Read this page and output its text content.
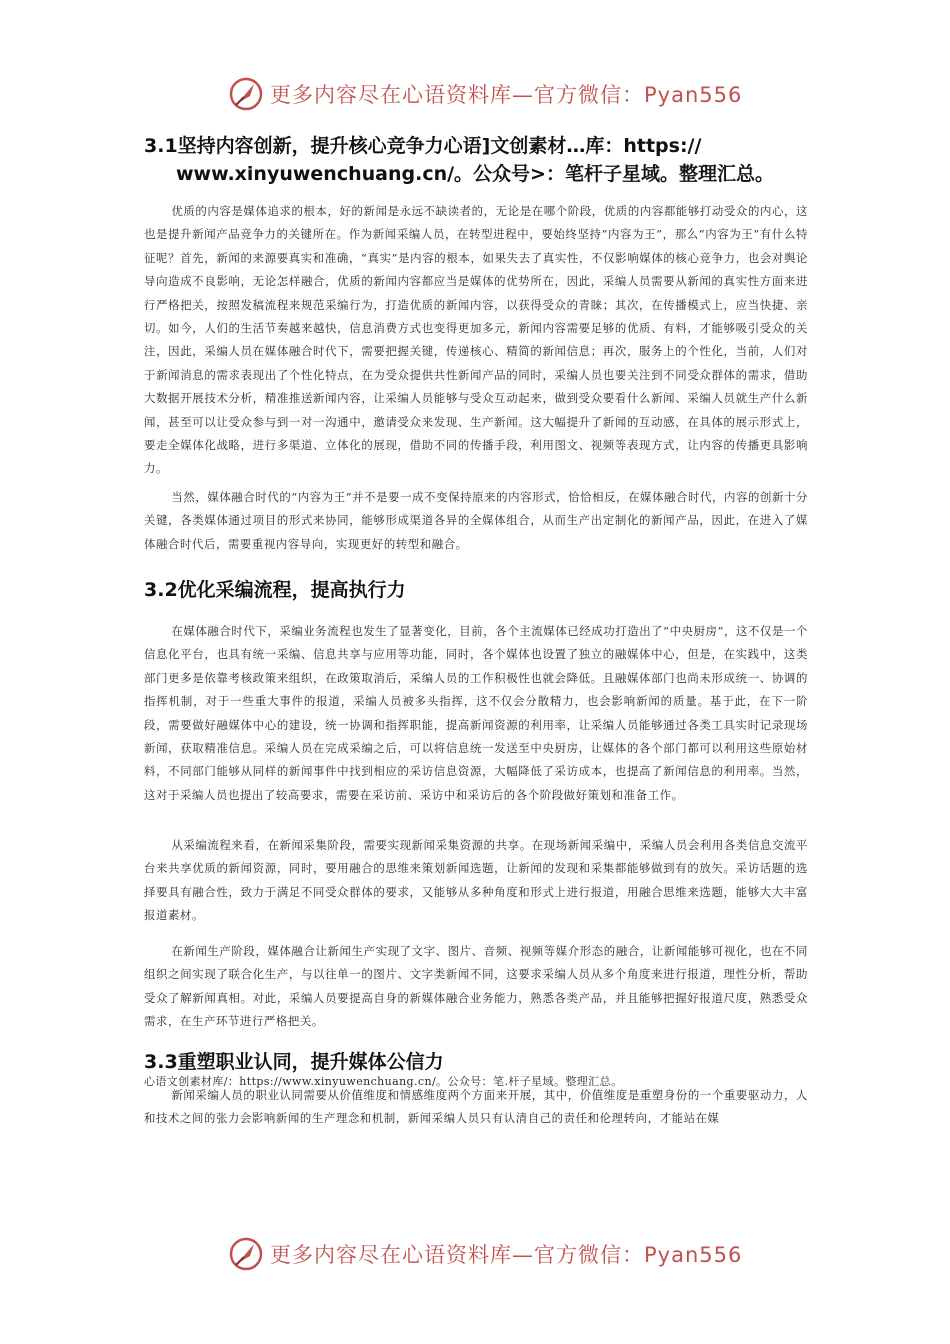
更多内容尽在心语资料库—官方微信：Pyan556
3.1坚持内容创新，提升核心竞争力心语]文创素材…库：https://
www.xinyuwenchuang.cn/。公众号>：笔杆子星域。整理汇总。

优质的内容是媒体追求的根本，好的新闻是永远不缺读者的，无论是在哪个阶段，优质的内容都能够打动受众的内心，这也是提升新闻产品竞争力的关键所在。作为新闻采编人员，在转型进程中，要始终坚持“内容为王”，那么“内容为王”有什么特征呢？首先，新闻的来源要真实和准确，“真实”是内容的根本，如果失去了真实性，不仅影响媒体的核心竞争力，也会对舆论导向造成不良影响，无论怎样融合，优质的新闻内容都应当是媒体的优势所在，因此，采编人员需要从新闻的真实性方面来进行严格把关，按照发稿流程来规范采编行为，打造优质的新闻内容，以获得受众的青睐；其次，在传播模式上，应当快捷、亲切。如今，人们的生活节奏越来越快，信息消费方式也变得更加多元，新闻内容需要足够的优质、有料，才能够吸引受众的关注，因此，采编人员在媒体融合时代下，需要把握关键，传递核心、精简的新闻信息；再次，服务上的个性化，当前，人们对于新闻消息的需求表现出了个性化特点，在为受众提供共性新闻产品的同时，采编人员也要关注到不同受众群体的需求，借助大数据开展技术分析，精准推送新闻内容，让采编人员能够与受众互动起来，做到受众要看什么新闻、采编人员就生产什么新闻，甚至可以让受众参与到一对一沟通中，邀请受众来发现、生产新闻。这大幅提升了新闻的互动感，在具体的展示形式上，要走全媒体化战略，进行多渠道、立体化的展现，借助不同的传播手段，利用图文、视频等表现方式，让内容的传播更具影响力。

当然，媒体融合时代的“内容为王”并不是要一成不变保持原来的内容形式，恰恰相反，在媒体融合时代，内容的创新十分关键，各类媒体通过项目的形式来协同，能够形成渠道各异的全媒体组合，从而生产出定制化的新闻产品，因此，在进入了媒体融合时代后，需要重视内容导向，实现更好的转型和融合。

3.2优化采编流程，提高执行力

在媒体融合时代下，采编业务流程也发生了显著变化，目前，各个主流媒体已经成功打造出了“中央厨房”，这不仅是一个信息化平台，也具有统一采编、信息共享与应用等功能，同时，各个媒体也设置了独立的融媒体中心，但是，在实践中，这类部门更多是依靠考核政策来组织，在政策取消后，采编人员的工作积极性也就会降低。且融媒体部门也尚未形成统一、协调的指挥机制，对于一些重大事件的报道，采编人员被多头指挥，这不仅会分散精力，也会影响新闻的质量。基于此，在下一阶段，需要做好融媒体中心的建设，统一协调和指挥职能，提高新闻资源的利用率，让采编人员能够通过各类工具实时记录现场新闻，获取精准信息。采编人员在完成采编之后，可以将信息统一发送至中央厨房，让媒体的各个部门都可以利用这些原始材料，不同部门能够从同样的新闻事件中找到相应的采访信息资源，大幅降低了采访成本，也提高了新闻信息的利用率。当然，这对于采编人员也提出了较高要求，需要在采访前、采访中和采访后的各个阶段做好策划和准备工作。

从采编流程来看，在新闻采集阶段，需要实现新闻采集资源的共享。在现场新闻采编中，采编人员会利用各类信息交流平台来共享优质的新闻资源，同时，要用融合的思维来策划新闻选题，让新闻的发现和采集都能够做到有的放矢。采访话题的选择要具有融合性，致力于满足不同受众群体的要求，又能够从多种角度和形式上进行报道，用融合思维来选题，能够大大丰富报道素材。

在新闻生产阶段，媒体融合让新闻生产实现了文字、图片、音频、视频等媒介形态的融合，让新闻能够可视化，也在不同组织之间实现了联合化生产，与以往单一的图片、文字类新闻不同，这要求采编人员从多个角度来进行报道，理性分析，帮助受众了解新闻真相。对此，采编人员要提高自身的新媒体融合业务能力，熟悉各类产品，并且能够把握好报道尺度，熟悉受众需求，在生产环节进行严格把关。

3.3重塑职业认同，提升媒体公信力
心语文创素材库/：https://www.xinyuwenchuang.cn/。公众号：笔.杆子星域。整理汇总。

新闻采编人员的职业认同需要从价值维度和情感维度两个方面来开展，其中，价值维度是重塑身份的一个重要驱动力，人和技术之间的张力会影响新闻的生产理念和机制，新闻采编人员只有认清自己的责任和伦理转向，才能站在媒

更多内容尽在心语资料库—官方微信：Pyan556
